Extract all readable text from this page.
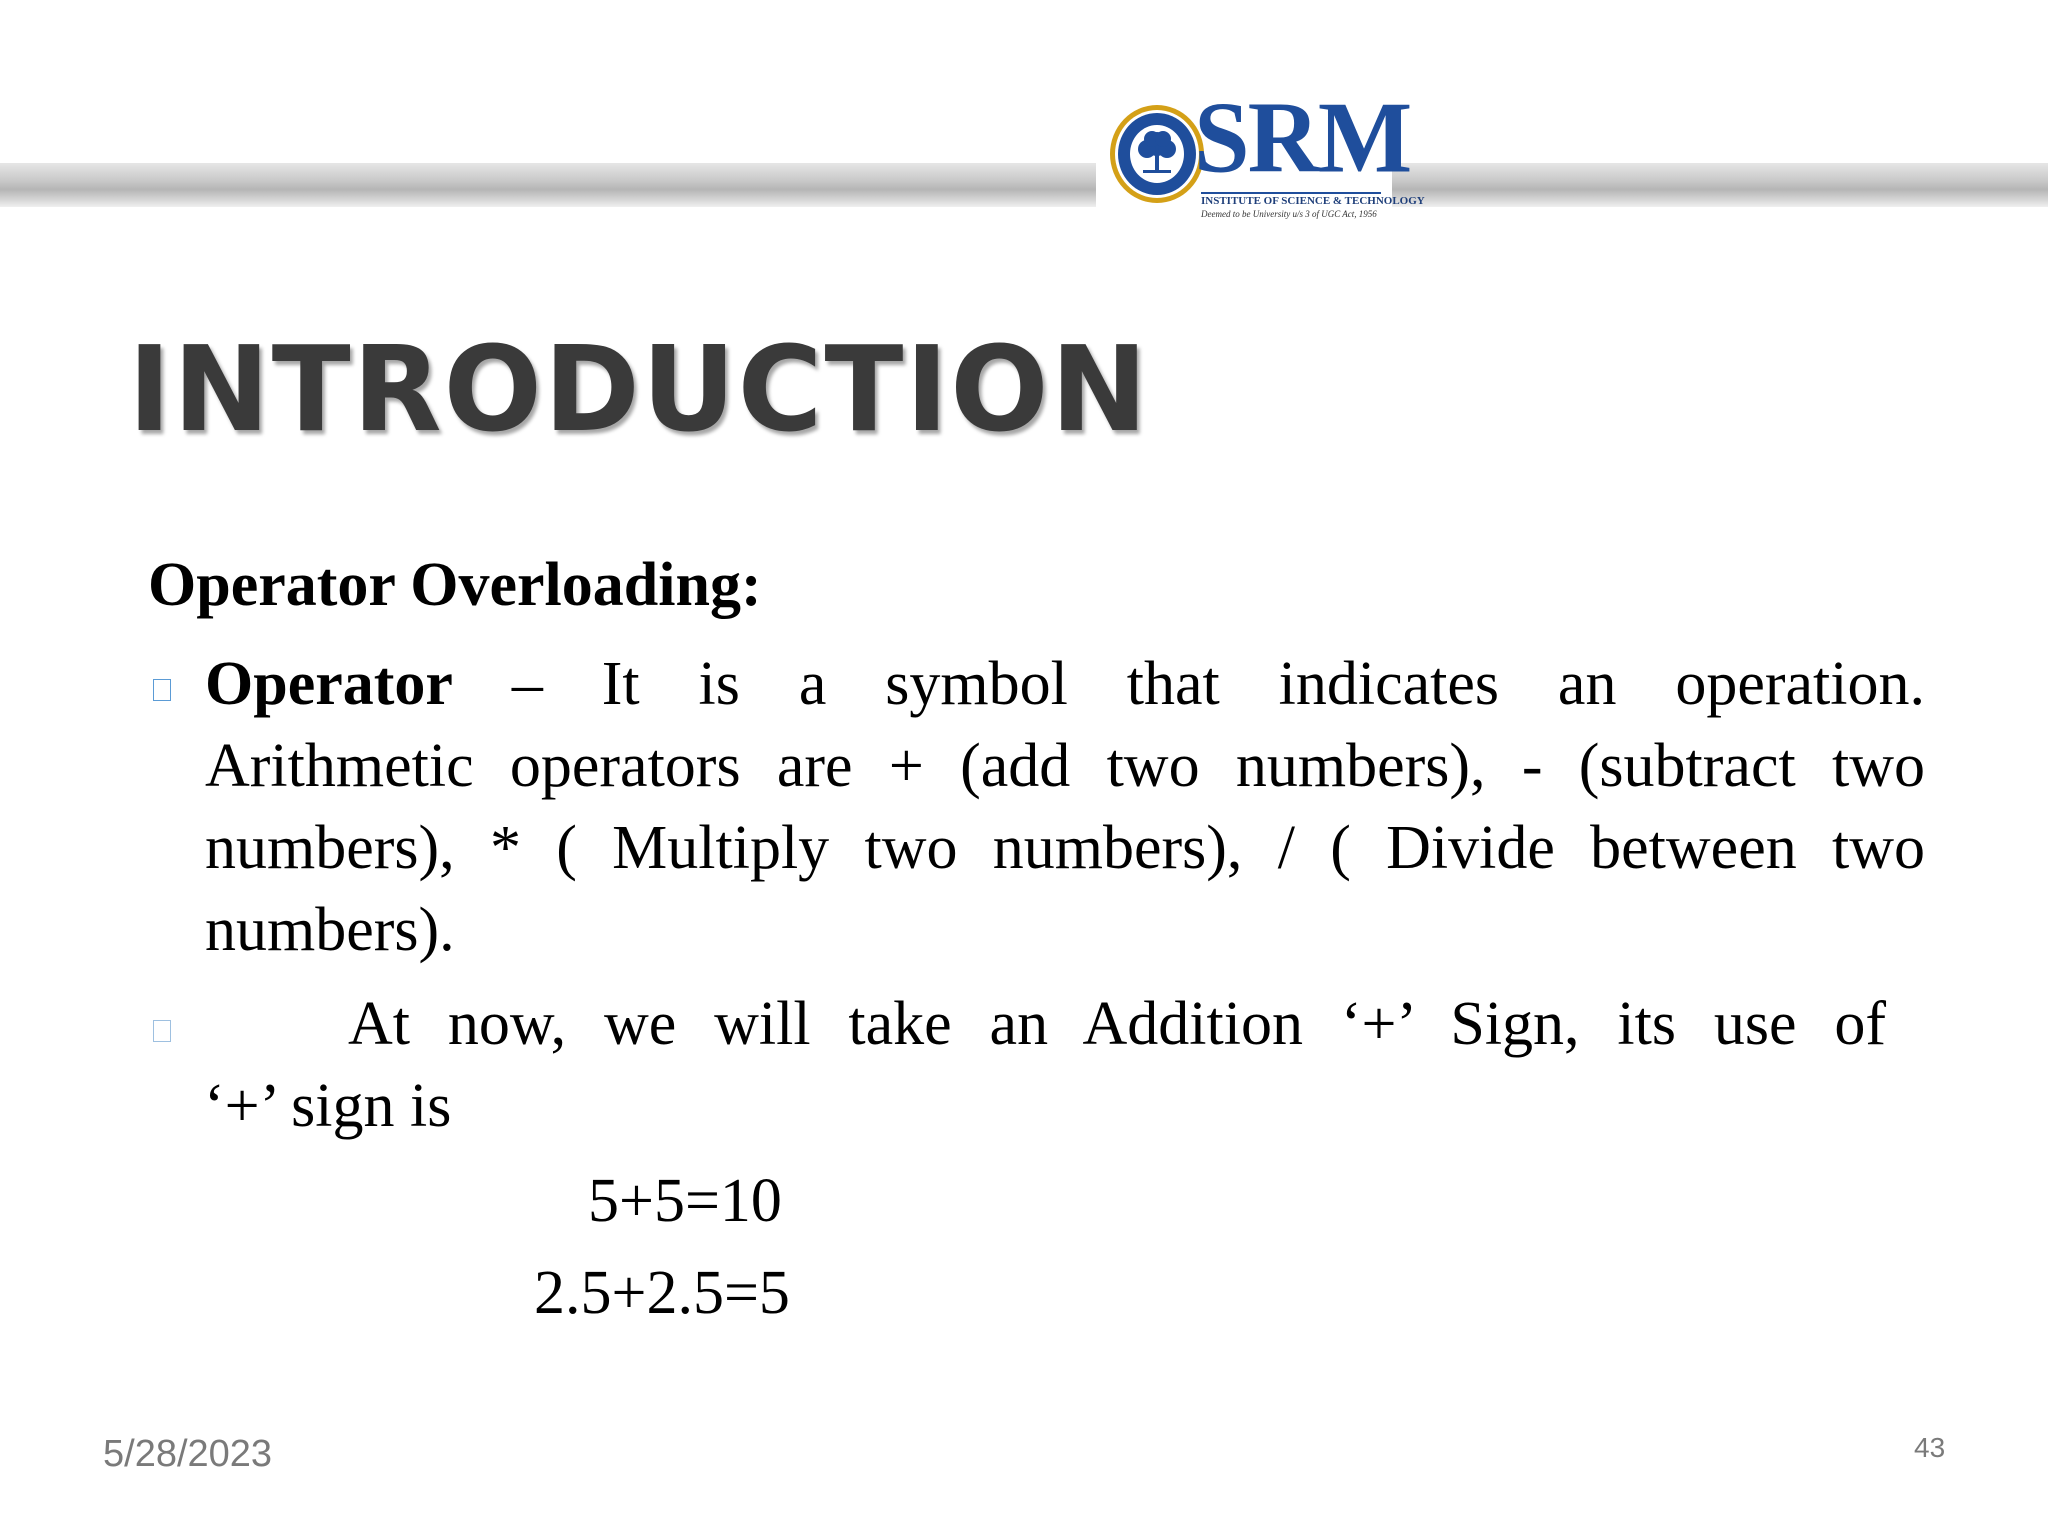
SRM
INSTITUTE OF SCIENCE & TECHNOLOGY
Deemed to be University u/s 3 of UGC Act, 1956
INTRODUCTION
Operator Overloading:
Operator – It is a symbol that indicates an operation.
Arithmetic operators are + (add two numbers), - (subtract two
numbers), * ( Multiply two numbers), / ( Divide between two
numbers).
At now, we will take an Addition ‘+’ Sign, its use of
‘+’ sign is
5+5=10
2.5+2.5=5
5/28/2023	43
